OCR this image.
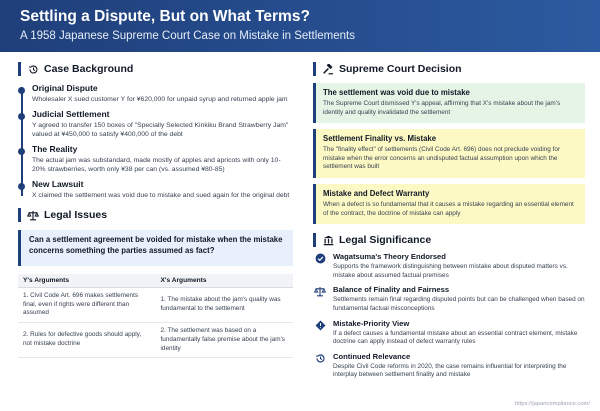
Settling a Dispute, But on What Terms?
A 1958 Japanese Supreme Court Case on Mistake in Settlements
Case Background
Original Dispute
Wholesaler X sued customer Y for ¥620,000 for unpaid syrup and returned apple jam
Judicial Settlement
Y agreed to transfer 150 boxes of "Specially Selected Kinkiku Brand Strawberry Jam" valued at ¥450,000 to satisfy ¥400,000 of the debt
The Reality
The actual jam was substandard, made mostly of apples and apricots with only 10-20% strawberries, worth only ¥38 per can (vs. assumed ¥80-85)
New Lawsuit
X claimed the settlement was void due to mistake and sued again for the original debt
Legal Issues
Can a settlement agreement be voided for mistake when the mistake concerns something the parties assumed as fact?
Y's Arguments	X's Arguments
1. Civil Code Art. 696 makes settlements final, even if rights were different than assumed	1. The mistake about the jam's quality was fundamental to the settlement
2. Rules for defective goods should apply, not mistake doctrine	2. The settlement was based on a fundamentally false premise about the jam's identity
Supreme Court Decision
The settlement was void due to mistake
The Supreme Court dismissed Y's appeal, affirming that X's mistake about the jam's identity and quality invalidated the settlement
Settlement Finality vs. Mistake
The "finality effect" of settlements (Civil Code Art. 696) does not preclude voiding for mistake when the error concerns an undisputed factual assumption upon which the settlement was built
Mistake and Defect Warranty
When a defect is so fundamental that it causes a mistake regarding an essential element of the contract, the doctrine of mistake can apply
Legal Significance
Wagatsuma's Theory Endorsed
Supports the framework distinguishing between mistake about disputed matters vs. mistake about assumed factual premises
Balance of Finality and Fairness
Settlements remain final regarding disputed points but can be challenged when based on fundamental factual misconceptions
Mistake-Priority View
If a defect causes a fundamental mistake about an essential contract element, mistake doctrine can apply instead of defect warranty rules
Continued Relevance
Despite Civil Code reforms in 2020, the case remains influential for interpreting the interplay between settlement finality and mistake
https://japancompliance.com/
